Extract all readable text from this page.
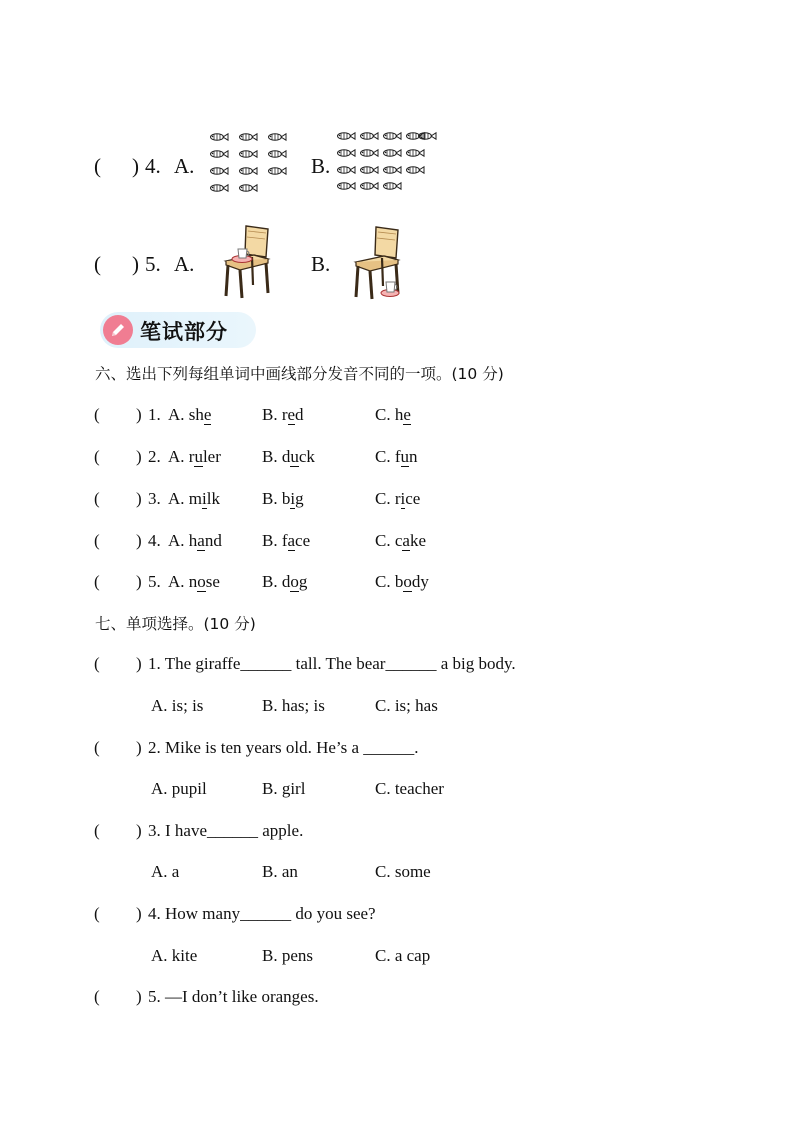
( ) 4. A.	B.
( ) 5. A.	B.
笔试部分
六、选出下列每组单词中画线部分发音不同的一项。(10 分)
( ) 1. A. she	B. red	C. he
( ) 2. A. ruler B. duck	C. fun
( ) 3. A. milk B. big	C. rice
( ) 4. A. hand B. face	C. cake
( ) 5. A. nose B. dog	C. body
七、单项选择。(10 分)
( ) 1. The giraffe______ tall. The bear______ a big body.
A. is; is	B. has; is	C. is; has
( ) 2. Mike is ten years old. He’s a ______.
A. pupil	B. girl	C. teacher
( ) 3. I have______ apple.
A. a	B. an	C. some
( ) 4. How many______ do you see?
A. kite	B. pens	C. a cap
( ) 5. —I don’t like oranges.
